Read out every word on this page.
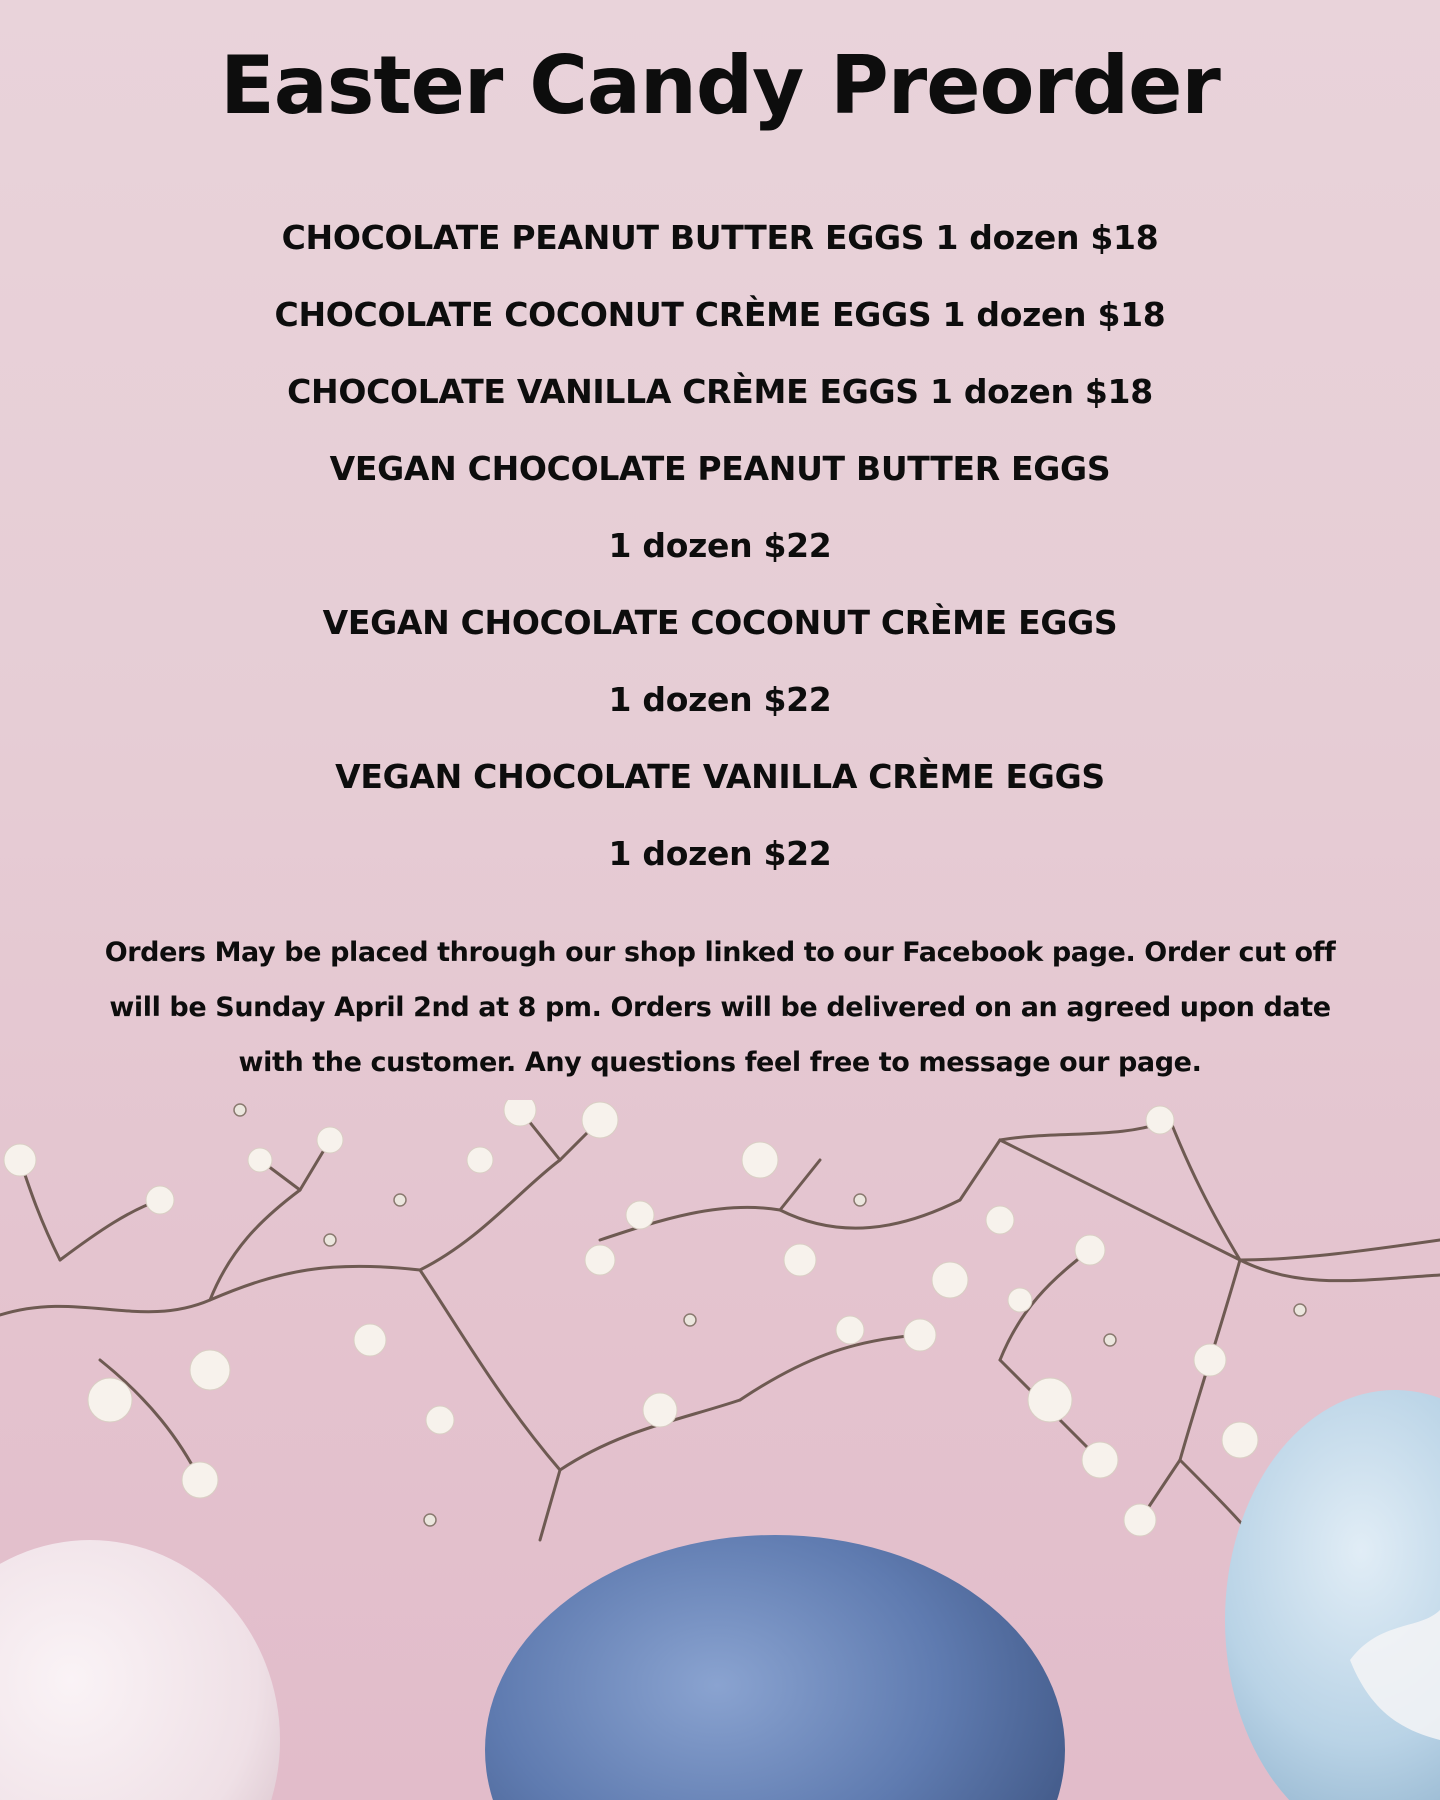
Easter Candy Preorder
CHOCOLATE PEANUT BUTTER EGGS 1 dozen $18
CHOCOLATE COCONUT CRÈME EGGS 1 dozen $18
CHOCOLATE VANILLA CRÈME EGGS 1 dozen $18
VEGAN CHOCOLATE PEANUT BUTTER EGGS
1 dozen $22
VEGAN CHOCOLATE COCONUT CRÈME EGGS
1 dozen $22
VEGAN CHOCOLATE VANILLA CRÈME EGGS
1 dozen $22

Orders May be placed through our shop linked to our Facebook page. Order cut off will be Sunday April 2nd at 8 pm. Orders will be delivered on an agreed upon date with the customer. Any questions feel free to message our page.
